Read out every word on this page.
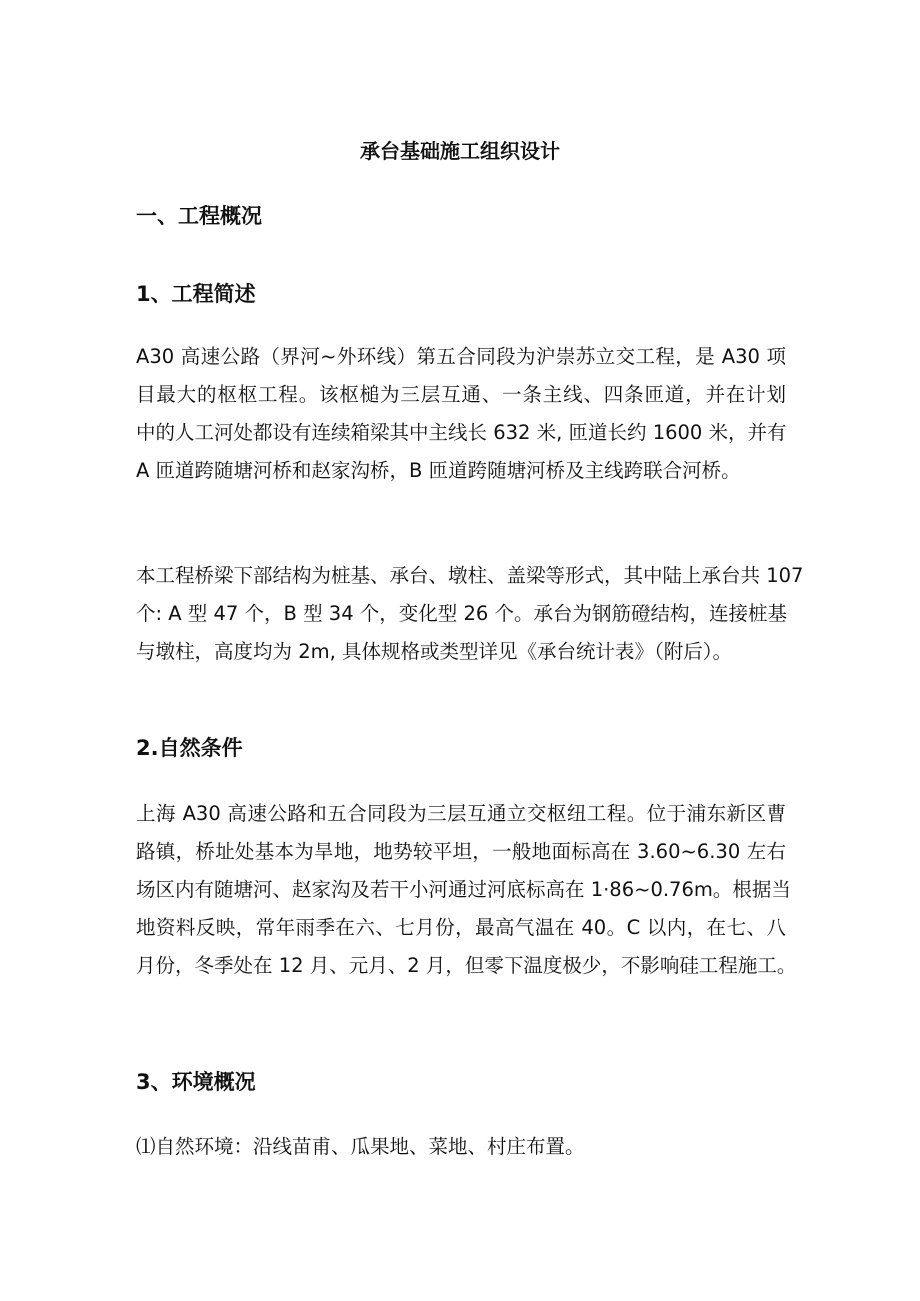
承台基础施工组织设计
一、工程概况
1、工程简述

A30 高速公路（界河~外环线）第五合同段为沪崇苏立交工程，是 A30 项
目最大的枢枢工程。该枢槌为三层互通、一条主线、四条匝道，并在计划
中的人工河处都设有连续箱梁其中主线长 632 米, 匝道长约 1600 米，并有
A 匝道跨随塘河桥和赵家沟桥，B 匝道跨随塘河桥及主线跨联合河桥。

本工程桥梁下部结构为桩基、承台、墩柱、盖梁等形式，其中陆上承台共 107
个: A 型 47 个，B 型 34 个，变化型 26 个。承台为钢筋磴结构，连接桩基
与墩柱，高度均为 2m, 具体规格或类型详见《承台统计表》（附后）。

2.自然条件

上海 A30 高速公路和五合同段为三层互通立交枢纽工程。位于浦东新区曹
路镇，桥址处基本为旱地，地势较平坦，一般地面标高在 3.60~6.30 左右
场区内有随塘河、赵家沟及若干小河通过河底标高在 1·86~0.76m。根据当
地资料反映，常年雨季在六、七月份，最高气温在 40。C 以内，在七、八
月份，冬季处在 12 月、元月、2 月，但零下温度极少，不影响硅工程施工。

3、环境概况

⑴自然环境：沿线苗甫、瓜果地、菜地、村庄布置。
